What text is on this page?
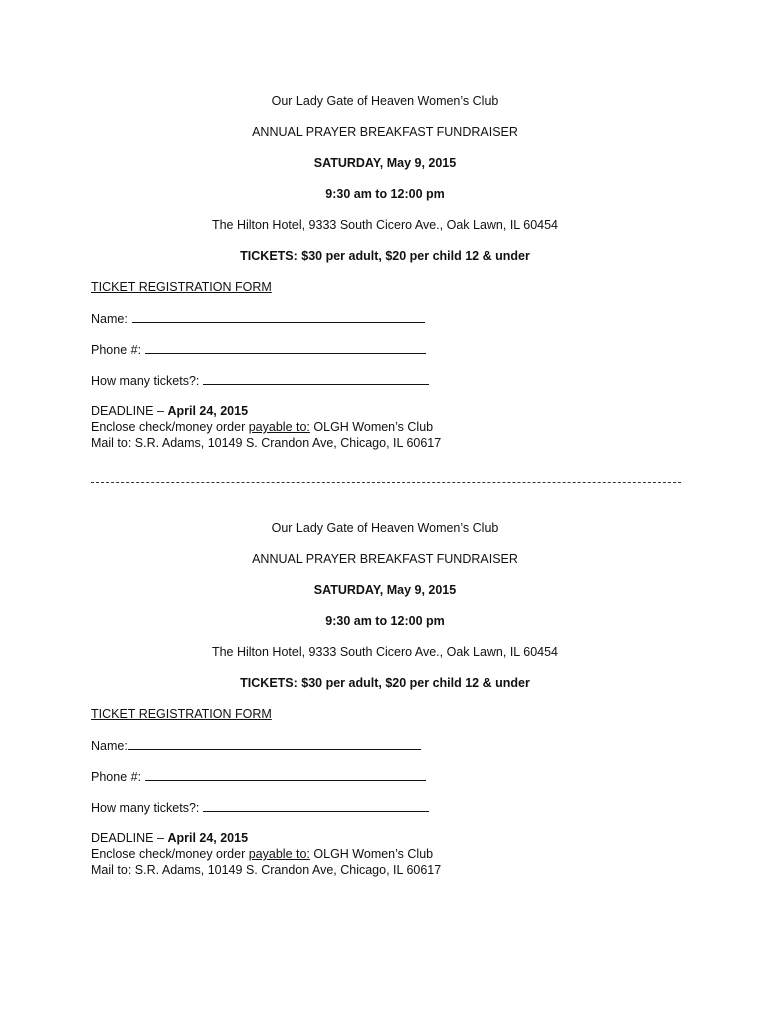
Our Lady Gate of Heaven Women’s Club
ANNUAL PRAYER BREAKFAST FUNDRAISER
SATURDAY, May 9, 2015
9:30 am to 12:00 pm
The Hilton Hotel, 9333 South Cicero Ave., Oak Lawn, IL 60454
TICKETS: $30 per adult, $20 per child 12 & under
TICKET REGISTRATION FORM
Name:
Phone #:
How many tickets?:
DEADLINE – April 24, 2015
Enclose check/money order payable to: OLGH Women’s Club
Mail to: S.R. Adams, 10149 S. Crandon Ave, Chicago, IL 60617
Our Lady Gate of Heaven Women’s Club
ANNUAL PRAYER BREAKFAST FUNDRAISER
SATURDAY, May 9, 2015
9:30 am to 12:00 pm
The Hilton Hotel, 9333 South Cicero Ave., Oak Lawn, IL 60454
TICKETS: $30 per adult, $20 per child 12 & under
TICKET REGISTRATION FORM
Name:
Phone #:
How many tickets?:
DEADLINE – April 24, 2015
Enclose check/money order payable to: OLGH Women’s Club
Mail to: S.R. Adams, 10149 S. Crandon Ave, Chicago, IL 60617
